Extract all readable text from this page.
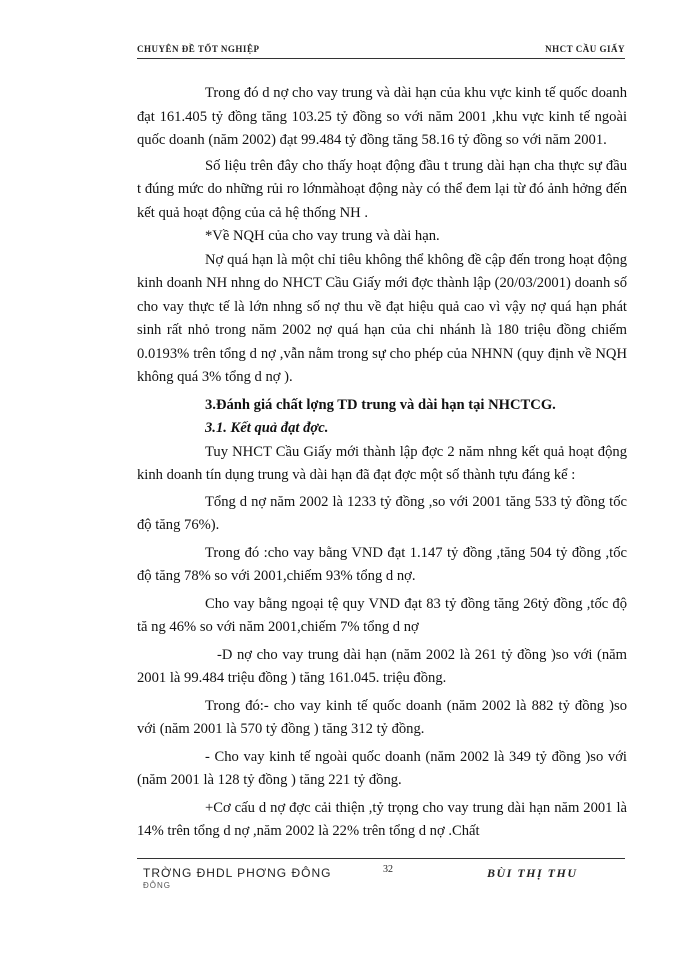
CHUYÊN ĐỀ TỐT NGHIỆP	NHCT CẦU GIẤY

Trong đó d nợ cho vay trung và dài hạn của khu vực kinh tế quốc doanh đạt 161.405 tỷ đồng tăng 103.25 tỷ đồng so với năm 2001 ,khu vực kinh tế ngoài quốc doanh (năm 2002) đạt 99.484 tỷ đồng tăng 58.16 tỷ đồng so với năm 2001.

Số liệu trên đây cho thấy hoạt động đầu t trung dài hạn cha thực sự đầu t đúng mức do những rủi ro lớnmàhoạt động này có thể đem lại từ đó ảnh hởng đến kết quả hoạt động của cả hệ thống NH .

*Về NQH của cho vay trung và dài hạn.

Nợ quá hạn là một chỉ tiêu không thể không đề cập đến trong hoạt động kinh doanh NH nhng do NHCT Cầu Giấy mới đợc thành lập (20/03/2001) doanh số cho vay thực tế là lớn nhng số nợ thu về đạt hiệu quả cao vì vậy nợ quá hạn phát sinh rất nhỏ trong năm 2002 nợ quá hạn của chi nhánh là 180 triệu đồng chiếm 0.0193% trên tổng d nợ ,vẫn nằm trong sự cho phép của NHNN (quy định về NQH không quá 3% tổng d nợ ).

3.Đánh giá chất lợng TD trung và dài hạn tại NHCTCG.

3.1. Kết quả đạt đợc.

Tuy NHCT Cầu Giấy mới thành lập đợc 2 năm nhng kết quả hoạt động kinh doanh tín dụng trung và dài hạn đã đạt đợc một số thành tựu đáng kể :

Tổng d nợ năm 2002 là 1233 tỷ đồng ,so với 2001 tăng 533 tỷ đồng tốc độ tăng 76%).

Trong đó :cho vay bằng VND đạt 1.147 tỷ đồng ,tăng 504 tỷ đồng ,tốc độ tăng 78% so với 2001,chiếm 93% tổng d nợ.

Cho vay bằng ngoại tệ quy VND đạt 83 tỷ đồng tăng 26tỷ đồng ,tốc độ tă ng 46% so với năm 2001,chiếm 7% tổng d nợ

-D nợ cho vay trung dài hạn (năm 2002 là 261 tỷ đồng )so với (năm 2001 là 99.484 triệu đồng ) tăng 161.045. triệu đồng.

Trong đó:- cho vay kinh tế quốc doanh (năm 2002 là 882 tỷ đồng )so với (năm 2001 là 570 tỷ đồng ) tăng 312 tỷ đồng.

- Cho vay kinh tế ngoài quốc doanh (năm 2002 là 349 tỷ đồng )so với (năm 2001 là 128 tỷ đồng ) tăng 221 tỷ đồng.

+Cơ cấu d nợ đợc cải thiện ,tỷ trọng cho vay trung dài hạn năm 2001 là 14% trên tổng d nợ ,năm 2002 là 22% trên tổng d nợ .Chất

TRỜNG ĐHDL PHƠNG ĐÔNG
ĐÔNG
32	BÙI THỊ THU
